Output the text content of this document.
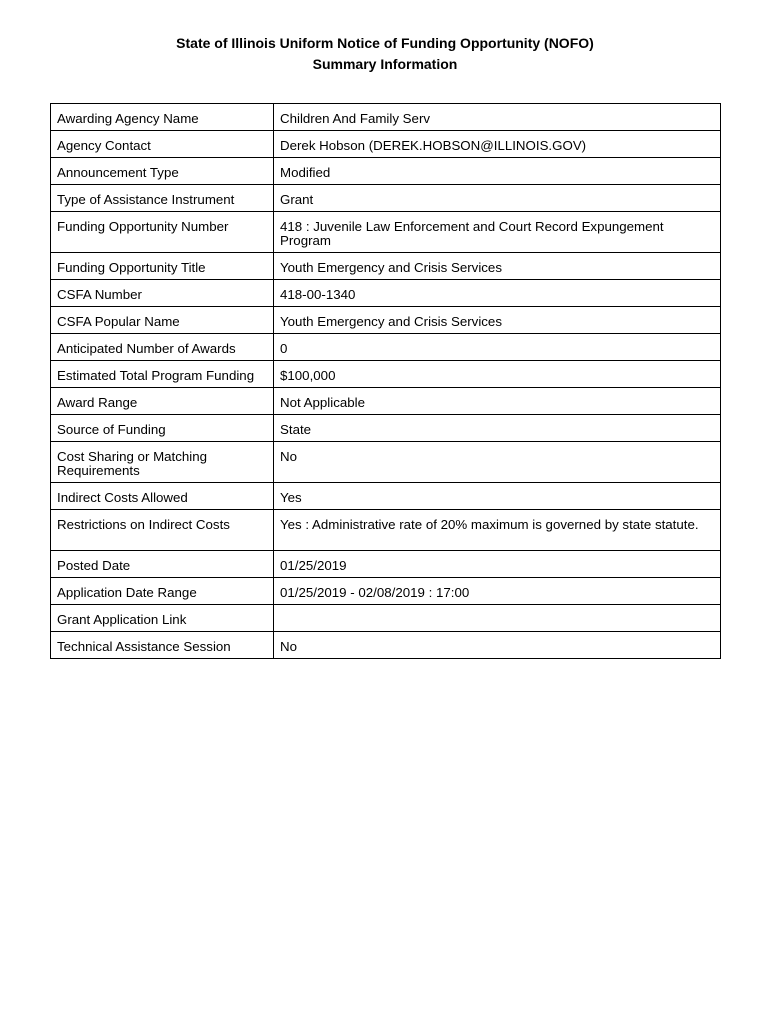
State of Illinois Uniform Notice of Funding Opportunity (NOFO)

Summary Information

Awarding Agency Name	Children And Family Serv
Agency Contact	Derek Hobson (DEREK.HOBSON@ILLINOIS.GOV)
Announcement Type	Modified
Type of Assistance Instrument	Grant
Funding Opportunity Number	418 : Juvenile Law Enforcement and Court Record Expungement Program
Funding Opportunity Title	Youth Emergency and Crisis Services
CSFA Number	418-00-1340
CSFA Popular Name	Youth Emergency and Crisis Services
Anticipated Number of Awards	0
Estimated Total Program Funding	$100,000
Award Range	Not Applicable
Source of Funding	State
Cost Sharing or Matching Requirements	No
Indirect Costs Allowed	Yes
Restrictions on Indirect Costs	Yes : Administrative rate of 20% maximum is governed by state statute.
Posted Date	01/25/2019
Application Date Range	01/25/2019 - 02/08/2019 : 17:00
Grant Application Link	
Technical Assistance Session	No
